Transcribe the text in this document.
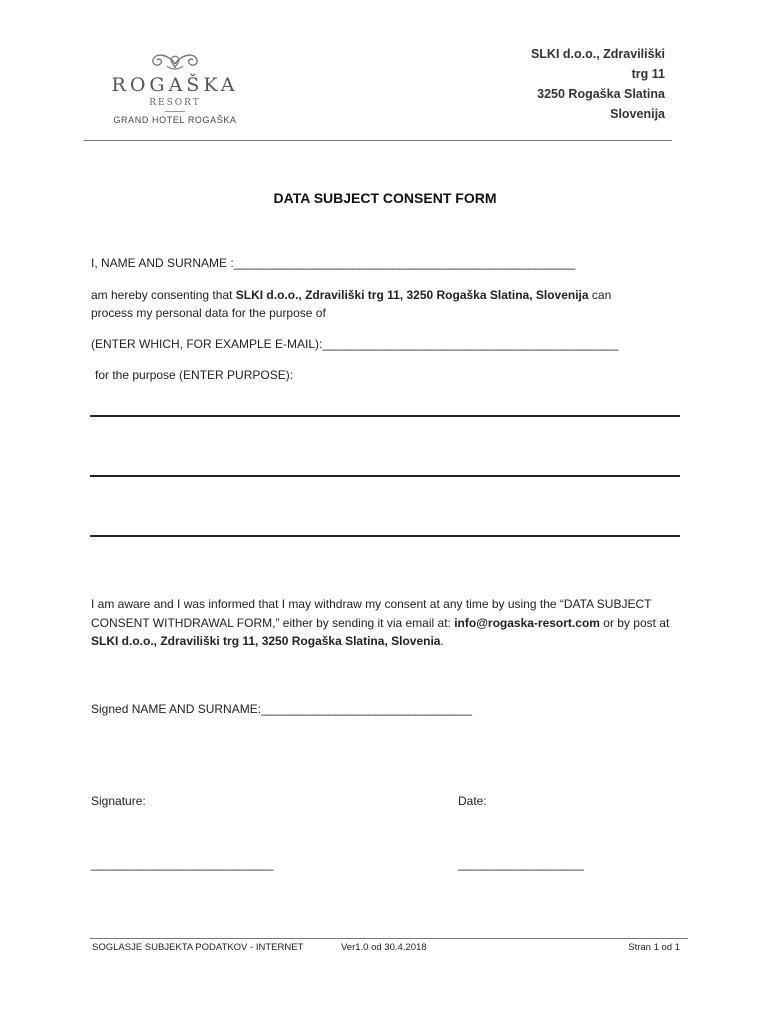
ROGAŠKA
RESORT
GRAND HOTEL ROGAŠKA
SLKI d.o.o., Zdraviliški
trg 11
3250 Rogaška Slatina
Slovenija
DATA SUBJECT CONSENT FORM
I, NAME AND SURNAME :____________________________________________________________
am hereby consenting that SLKI d.o.o., Zdraviliški trg 11, 3250 Rogaška Slatina, Slovenija can
process my personal data for the purpose of
(ENTER WHICH, FOR EXAMPLE E-MAIL):____________________________________________________
for the purpose (ENTER PURPOSE):
I am aware and I was informed that I may withdraw my consent at any time by using the “DATA SUBJECT CONSENT WITHDRAWAL FORM,” either by sending it via email at: info@rogaska-resort.com or by post at SLKI d.o.o., Zdraviliški trg 11, 3250 Rogaška Slatina, Slovenia.
Signed NAME AND SURNAME:_____________________________________
Signature:	Date:
________________________________	______________________
SOGLASJE SUBJEKTA PODATKOV - INTERNET	Ver1.0 od 30.4.2018	Stran 1 od 1
